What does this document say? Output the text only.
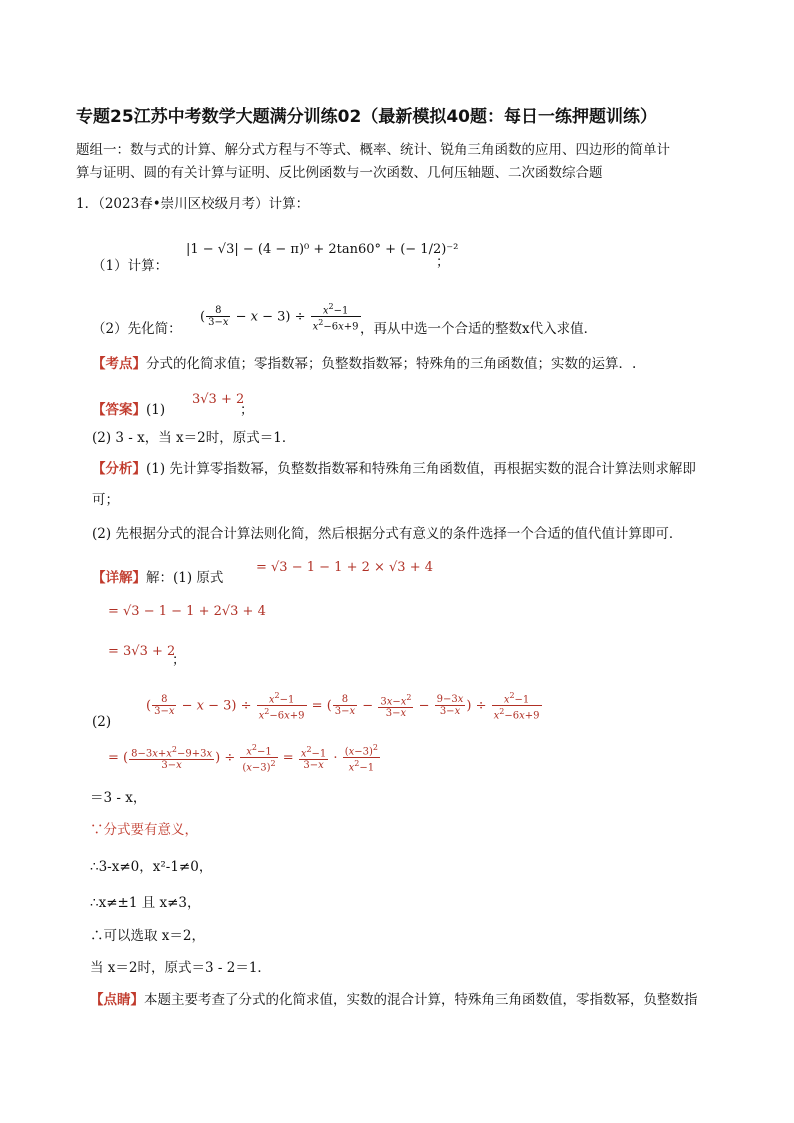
专题25江苏中考数学大题满分训练02（最新模拟40题：每日一练押题训练）
题组一：数与式的计算、解分式方程与不等式、概率、统计、锐角三角函数的应用、四边形的简单计
算与证明、圆的有关计算与证明、反比例函数与一次函数、几何压轴题、二次函数综合题
1．（2023春•崇川区校级月考）计算：
（1）计算：
|1 − √3| − (4 − π)⁰ + 2tan60° + (− 1/2)⁻²
；
（2）先化简：
( $\frac{8}{3-x} - x - 3) \div \frac{x^2-1}{x^2-6x+9}$ ，再从中选一个合适的整数x代入求值．
【考点】分式的化简求值；零指数幂；负整数指数幂；特殊角的三角函数值；实数的运算．.
【答案】(1)
3√3 + 2
；
(2) 3 - x，当 x＝2时，原式＝1．
【分析】(1) 先计算零指数幂，负整数指数幂和特殊角三角函数值，再根据实数的混合计算法则求解即
可；
(2) 先根据分式的混合计算法则化简，然后根据分式有意义的条件选择一个合适的值代值计算即可．
【详解】解：(1) 原式
= √3 − 1 − 1 + 2 × √3 + 4
= √3 − 1 − 1 + 2√3 + 4
= 3√3 + 2
；
(2)
( $\frac{8}{3-x} - x - 3) \div \frac{x^2-1}{x^2-6x+9}$ = ( $\frac{8}{3-x} - \frac{3x-x^2}{3-x} - \frac{9-3x}{3-x}$ ) ÷ $\frac{x^2-1}{x^2-6x+9}$
= ( $\frac{8-3x+x^2-9+3x}{3-x}$ ) ÷ $\frac{x^2-1}{(x-3)^2} = \frac{x^2-1}{3-x} \cdot \frac{(x-3)^2}{x^2-1}$
＝3 - x，
∵分式要有意义，
∴3-x≠0，x²-1≠0，
∴x≠±1 且 x≠3，
∴可以选取 x＝2，
当 x＝2时，原式＝3 - 2＝1．
【点睛】本题主要考查了分式的化简求值，实数的混合计算，特殊角三角函数值，零指数幂，负整数指
